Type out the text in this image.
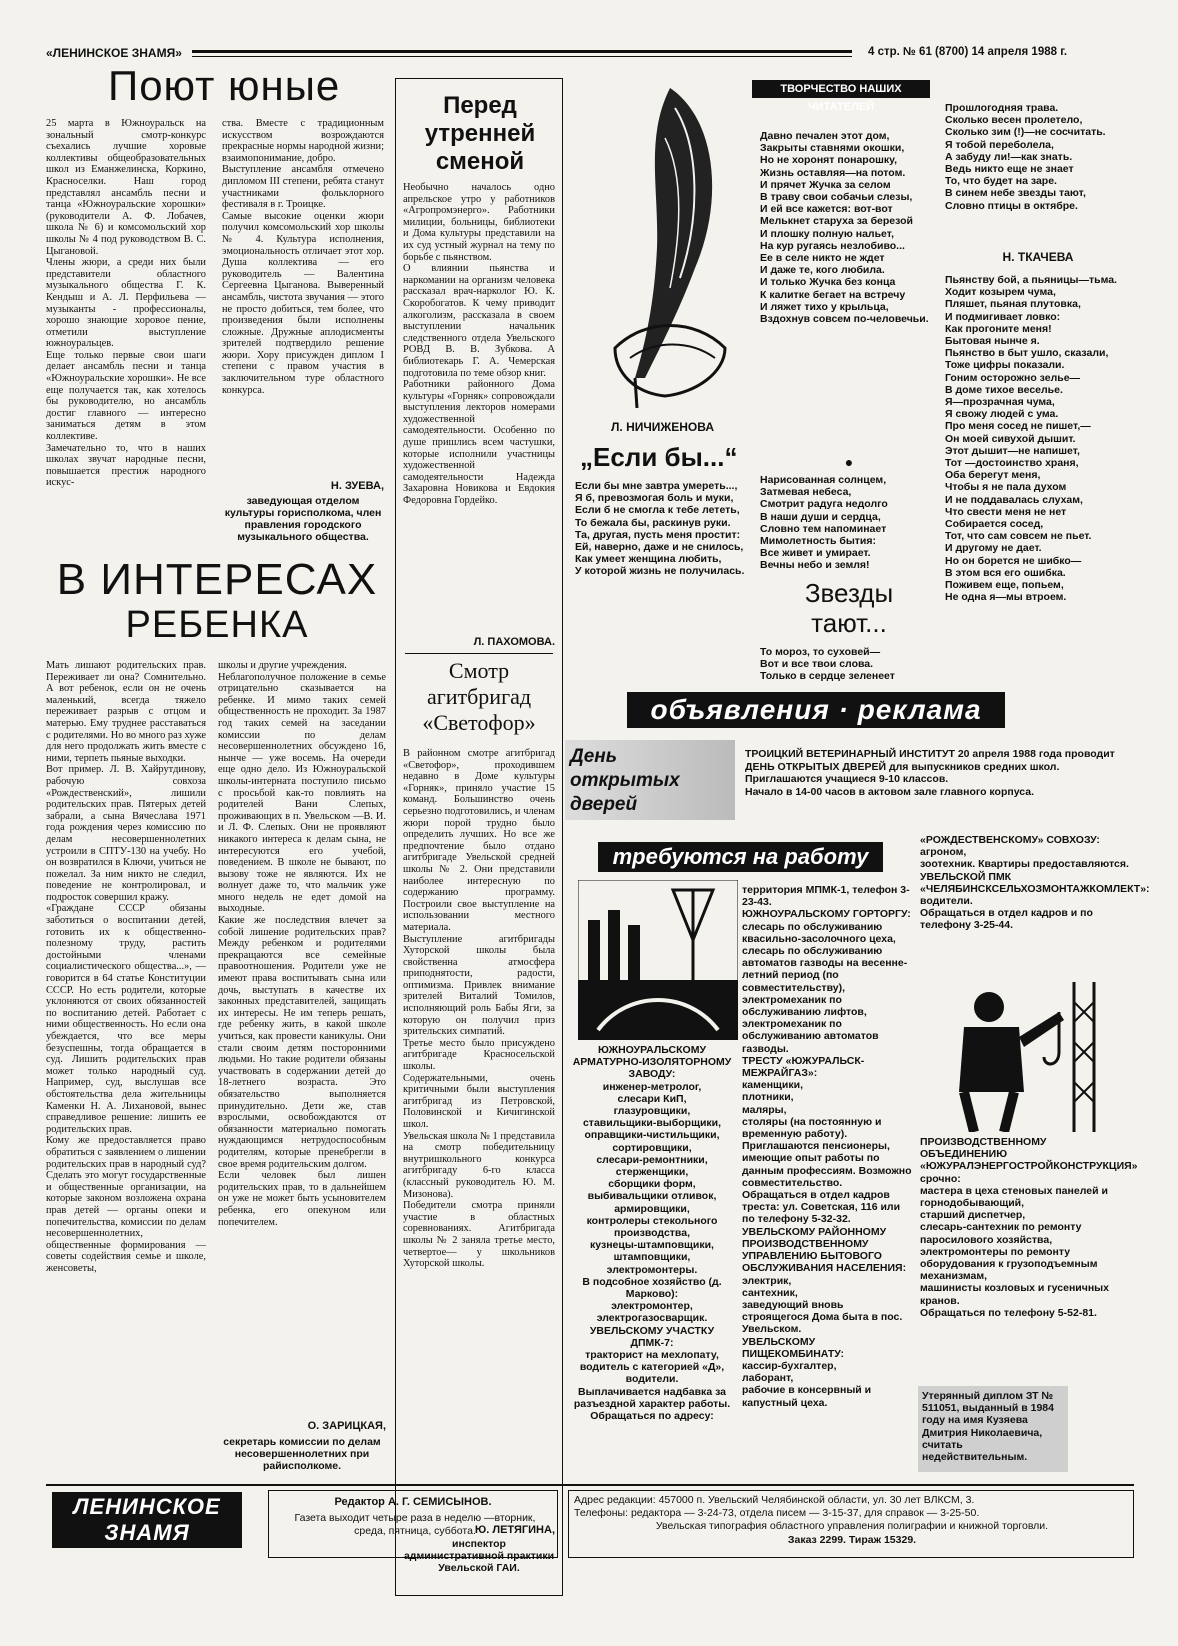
«ЛЕНИНСКОЕ ЗНАМЯ»	4 стр. № 61 (8700) 14 апреля 1988 г.
Поют юные
25 марта в Южноуральск на зональный смотр-конкурс съехались лучшие хоровые коллективы общеобразовательных школ из Еманжелинска, Коркино, Красноселки. Наш город представлял ансамбль песни и танца «Южноуральские хорошки» (руководители А. Ф. Лобачев, школа № 6) и комсомольский хор школы № 4 под руководством В. С. Цыгановой.
Члены жюри, а среди них были представители областного музыкального общества Г. К. Кендыш и А. Л. Перфильева — музыканты - профессионалы, хорошо знающие хоровое пение, отметили выступление южноуральцев.
Еще только первые свои шаги делает ансамбль песни и танца «Южноуральские хорошки». Не все еще получается так, как хотелось бы руководителю, но ансамбль достиг главного — интересно заниматься детям в этом коллективе.
Замечательно то, что в наших школах звучат народные песни, повышается престиж народного искус-
ства. Вместе с традиционным искусством возрождаются прекрасные нормы народной жизни; взаимопонимание, добро.
Выступление ансамбля отмечено дипломом III степени, ребята станут участниками фольклорного фестиваля в г. Троицке.
Самые высокие оценки жюри получил комсомольский хор школы № 4. Культура исполнения, эмоциональность отличает этот хор. Душа коллектива — его руководитель — Валентина Сергеевна Цыганова. Выверенный ансамбль, чистота звучания — этого не просто добиться, тем более, что произведения были исполнены сложные. Дружные аплодисменты зрителей подтвердило решение жюри. Хору присужден диплом I степени с правом участия в заключительном туре областного конкурса.
Н. ЗУЕВА,
заведующая отделом культуры горисполкома, член правления городского музыкального общества.
В ИНТЕРЕСАХ
РЕБЕНКА
Мать лишают родительских прав. Переживает ли она? Сомнительно. А вот ребенок, если он не очень маленький, всегда тяжело переживает разрыв с отцом и матерью. Ему труднее расставаться с родителями. Но во много раз хуже для него продолжать жить вместе с ними, терпеть пьяные выходки.
Вот пример. Л. В. Хайрутдинову, рабочую совхоза «Рождественский», лишили родительских прав. Пятерых детей забрали, а сына Вячеслава 1971 года рождения через комиссию по делам несовершеннолетних устроили в СПТУ-130 на учебу. Но он возвратился в Ключи, учиться не пожелал. За ним никто не следил, поведение не контролировал, и подросток совершил кражу.
«Граждане СССР обязаны заботиться о воспитании детей, готовить их к общественно-полезному труду, растить достойными членами социалистического общества...», — говорится в 64 статье Конституции СССР. Но есть родители, которые уклоняются от своих обязанностей по воспитанию детей. Работает с ними общественность. Но если она убеждается, что все меры безуспешны, тогда обращается в суд. Лишить родительских прав может только народный суд. Например, суд, выслушав все обстоятельства дела жительницы Каменки Н. А. Лихановой, вынес справедливое решение: лишить ее родительских прав.
Кому же предоставляется право обратиться с заявлением о лишении родительских прав в народный суд? Сделать это могут государственные и общественные организации, на которые законом возложена охрана прав детей — органы опеки и попечительства, комиссии по делам несовершеннолетних, общественные формирования — советы содействия семье и школе, женсоветы,
школы и другие учреждения.
Неблагополучное положение в семье отрицательно сказывается на ребенке. И мимо таких семей общественность не проходит. За 1987 год таких семей на заседании комиссии по делам несовершеннолетних обсуждено 16, нынче — уже восемь. На очереди еще одно дело. Из Южноуральской школы-интерната поступило письмо с просьбой как-то повлиять на родителей Вани Слепых, проживающих в п. Увельском —В. И. и Л. Ф. Слепых. Они не проявляют никакого интереса к делам сына, не интересуются его учебой, поведением. В школе не бывают, по вызову тоже не являются. Их не волнует даже то, что мальчик уже много недель не едет домой на выходные.
Какие же последствия влечет за собой лишение родительских прав? Между ребенком и родителями прекращаются все семейные правоотношения. Родители уже не имеют права воспитывать сына или дочь, выступать в качестве их законных представителей, защищать их интересы. Не им теперь решать, где ребенку жить, в какой школе учиться, как провести каникулы. Они стали своим детям посторонними людьми. Но такие родители обязаны участвовать в содержании детей до 18-летнего возраста. Это обязательство выполняется принудительно. Дети же, став взрослыми, освобождаются от обязанности материально помогать нуждающимся нетрудоспособным родителям, которые пренебрегли в свое время родительским долгом.
Если человек был лишен родительских прав, то в дальнейшем он уже не может быть усыновителем ребенка, его опекуном или попечителем.
О. ЗАРИЦКАЯ,
секретарь комиссии по делам несовершеннолетних при райисполкоме.
Перед утренней сменой
Необычно началось одно апрельское утро у работников «Агропромэнерго». Работники милиции, больницы, библиотеки и Дома культуры представили на их суд устный журнал на тему по борьбе с пьянством.
О влиянии пьянства и наркомании на организм человека рассказал врач-нарколог Ю. К. Скоробогатов. К чему приводит алкоголизм, рассказала в своем выступлении начальник следственного отдела Увельского РОВД В. В. Зубкова. А библиотекарь Г. А. Чемерская подготовила по теме обзор книг.
Работники районного Дома культуры «Горняк» сопровождали выступления лекторов номерами художественной самодеятельности. Особенно по душе пришлись всем частушки, которые исполнили участницы художественной самодеятельности Надежда Захаровна Новикова и Евдокия Федоровна Гордейко.
Л. ПАХОМОВА.
Смотр
агитбригад
«Светофор»
В районном смотре агитбригад «Светофор», проходившем недавно в Доме культуры «Горняк», приняло участие 15 команд. Большинство очень серьезно подготовились, и членам жюри порой трудно было определить лучших. Но все же предпочтение было отдано агитбригаде Увельской средней школы № 2. Они представили наиболее интересную по содержанию программу. Построили свое выступление на использовании местного материала.
Выступление агитбригады Хуторской школы была свойственна атмосфера приподнятости, радости, оптимизма. Привлек внимание зрителей Виталий Томилов, исполняющий роль Бабы Яги, за которую он получил приз зрительских симпатий.
Третье место было присуждено агитбригаде Красносельской школы.
Содержательными, очень критичными были выступления агитбригад из Петровской, Половинской и Кичигинской школ.
Увельская школа № 1 представила на смотр победительницу внутришкольного конкурса агитбригаду 6-го класса (классный руководитель Ю. М. Мизонова).
Победители смотра приняли участие в областных соревнованиях. Агитбригада школы № 2 заняла третье место, четвертое— у школьников Хуторской школы.
Ю. ЛЕТЯГИНА,
инспектор административной практики Увельской ГАИ.
ТВОРЧЕСТВО НАШИХ ЧИТАТЕЛЕЙ
Давно печален этот дом,
Закрыты ставнями окошки,
Но не хоронят понарошку,
Жизнь оставляя—на потом.
И прячет Жучка за селом
В траву свои собачьи слезы,
И ей все кажется: вот-вот
Мелькнет старуха за березой
И плошку полную нальет,
На кур ругаясь незлобиво...
Ее в селе никто не ждет
И даже те, кого любила.
И только Жучка без конца
К калитке бегает на встречу
И ляжет тихо у крыльца,
Вздохнув совсем по-человечьи.
●
Нарисованная солнцем,
Затмевая небеса,
Смотрит радуга недолго
В наши души и сердца,
Словно тем напоминает
Мимолетность бытия:
Все живет и умирает.
Вечны небо и земля!
Л. НИЧИЖЕНОВА
„Если бы...“
Если бы мне завтра умереть...,
Я б, превозмогая боль и муки,
Если б не смогла к тебе лететь,
То бежала бы, раскинув руки.
Та, другая, пусть меня простит:
Ей, наверно, даже и не снилось,
Как умеет женщина любить,
У которой жизнь не получилась.
Звезды
тают...
То мороз, то суховей—
Вот и все твои слова.
Только в сердце зеленеет
Прошлогодняя трава.
Сколько весен пролетело,
Сколько зим (!)—не сосчитать.
Я тобой переболела,
А забуду ли!—как знать.
Ведь никто еще не знает
То, что будет на заре.
В синем небе звезды тают,
Словно птицы в октябре.
Н. ТКАЧЕВА
Пьянству бой, а пьяницы—тьма.
Ходит козырем чума,
Пляшет, пьяная плутовка,
И подмигивает ловко:
Как прогоните меня!
Бытовая нынче я.
Пьянство в быт ушло, сказали,
Тоже цифры показали.
Гоним осторожно зелье—
В доме тихое веселье.
Я—прозрачная чума,
Я свожу людей с ума.
Про меня сосед не пишет,—
Он моей сивухой дышит.
Этот дышит—не напишет,
Тот —достоинство храня,
Оба берегут меня,
Чтобы я не пала духом
И не поддавалась слухам,
Что свести меня не нет
Собирается сосед,
Тот, что сам совсем не пьет.
И другому не дает.
Но он борется не шибко—
В этом вся его ошибка.
Поживем еще, попьем,
Не одна я—мы втроем.
объявления · реклама
День открытых дверей
ТРОИЦКИЙ ВЕТЕРИНАРНЫЙ ИНСТИТУТ 20 апреля 1988 года проводит ДЕНЬ ОТКРЫТЫХ ДВЕРЕЙ для выпускников средних школ. Приглашаются учащиеся 9-10 классов.
Начало в 14-00 часов в актовом зале главного корпуса.
требуются на работу
ЮЖНОУРАЛЬСКОМУ АРМАТУРНО-ИЗОЛЯТОРНОМУ ЗАВОДУ:
инженер-метролог,
слесари КиП,
глазуровщики,
ставильщики-выборщики,
оправщики-чистильщики,
сортировщики,
слесари-ремонтники,
стерженщики,
сборщики форм,
выбивальщики отливок,
армировщики,
контролеры стекольного производства,
кузнецы-штамповщики,
штамповщики,
электромонтеры.
В подсобное хозяйство (д. Марково):
электромонтер,
электрогазосварщик.
УВЕЛЬСКОМУ УЧАСТКУ ДПМК-7:
тракторист на мехлопату,
водитель с категорией «Д»,
водители.
Выплачивается надбавка за разъездной характер работы.
Обращаться по адресу:
территория МПМК-1, телефон 3-23-43.
ЮЖНОУРАЛЬСКОМУ ГОРТОРГУ:
слесарь по обслуживанию квасильно-засолочного цеха,
слесарь по обслуживанию автоматов газводы на весенне-летний период (по совместительству),
электромеханик по обслуживанию лифтов,
электромеханик по обслуживанию автоматов газводы.
ТРЕСТУ «ЮЖУРАЛЬСК-МЕЖРАЙГАЗ»:
каменщики,
плотники,
маляры,
столяры (на постоянную и временную работу). Приглашаются пенсионеры, имеющие опыт работы по данным профессиям. Возможно совместительство.
Обращаться в отдел кадров треста: ул. Советская, 116 или по телефону 5-32-32.
УВЕЛЬСКОМУ РАЙОННОМУ ПРОИЗВОДСТВЕННОМУ УПРАВЛЕНИЮ БЫТОВОГО ОБСЛУЖИВАНИЯ НАСЕЛЕНИЯ:
электрик,
сантехник,
заведующий вновь строящегося Дома быта в пос. Увельском.
УВЕЛЬСКОМУ ПИЩЕКОМБИНАТУ:
кассир-бухгалтер,
лаборант,
рабочие в консервный и капустный цеха.
«РОЖДЕСТВЕНСКОМУ» СОВХОЗУ:
агроном,
зоотехник. Квартиры предоставляются.
УВЕЛЬСКОЙ ПМК «ЧЕЛЯБИНСКСЕЛЬХОЗМОНТАЖКОМЛЕКТ»:
водители.
Обращаться в отдел кадров и по телефону 3-25-44.
ПРОИЗВОДСТВЕННОМУ ОБЪЕДИНЕНИЮ «ЮЖУРАЛЭНЕРГОСТРОЙКОНСТРУКЦИЯ»
срочно:
мастера в цеха стеновых панелей и горнодобывающий,
старший диспетчер,
слесарь-сантехник по ремонту паросилового хозяйства,
электромонтеры по ремонту оборудования к грузоподъемным механизмам,
машинисты козловых и гусеничных кранов.
Обращаться по телефону 5-52-81.
Утерянный диплом ЗТ № 511051, выданный в 1984 году на имя Кузяева Дмитрия Николаевича, считать недействительным.
ЛЕНИНСКОЕ
ЗНАМЯ
Редактор А. Г. СЕМИСЫНОВ.
Газета выходит четыре раза в неделю —вторник, среда, пятница, суббота.
Адрес редакции: 457000 п. Увельский Челябинской области, ул. 30 лет ВЛКСМ, 3.
Телефоны: редактора — 3-24-73, отдела писем — 3-15-37, для справок — 3-25-50.
Увельская типография областного управления полиграфии и книжной торговли.
Заказ 2299. Тираж 15329.
